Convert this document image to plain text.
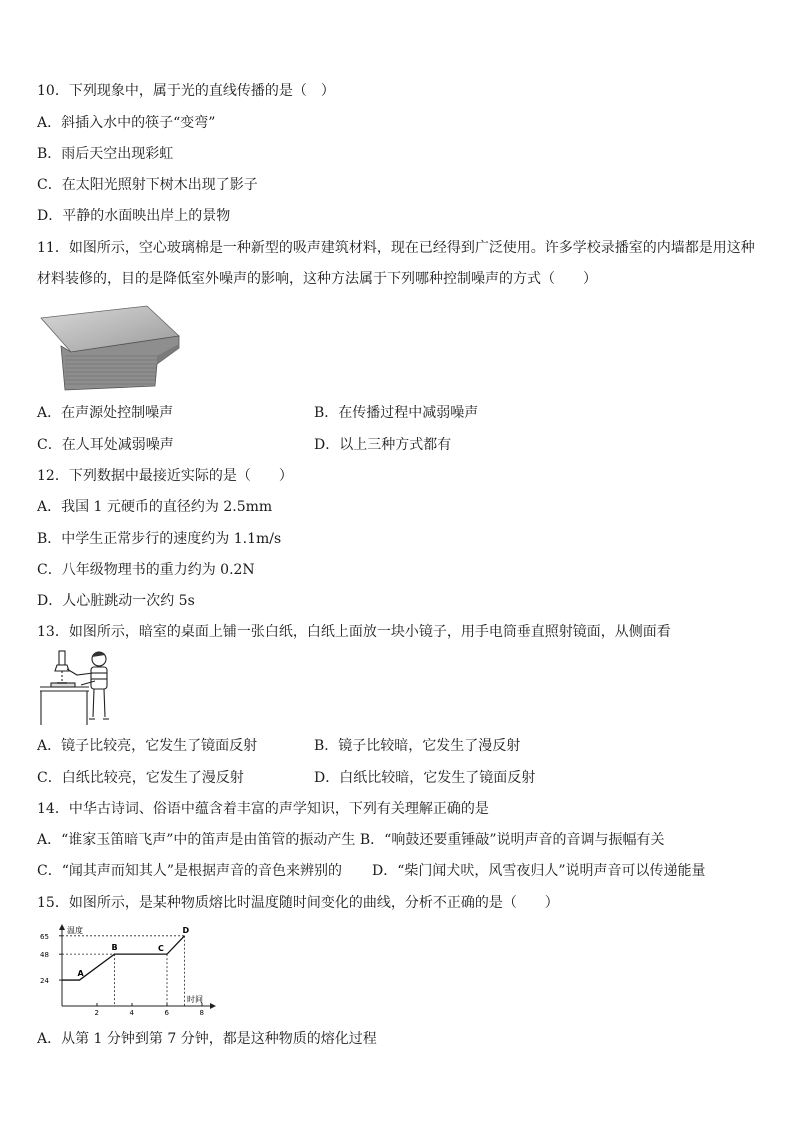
10．下列现象中，属于光的直线传播的是（　）
A．斜插入水中的筷子“变弯”
B．雨后天空出现彩虹
C．在太阳光照射下树木出现了影子
D．平静的水面映出岸上的景物
11．如图所示，空心玻璃棉是一种新型的吸声建筑材料，现在已经得到广泛使用。许多学校录播室的内墙都是用这种
材料装修的，目的是降低室外噪声的影响，这种方法属于下列哪种控制噪声的方式（　　）
A．在声源处控制噪声	B．在传播过程中减弱噪声
C．在人耳处减弱噪声	D．以上三种方式都有
12．下列数据中最接近实际的是（　　）
A．我国 1 元硬币的直径约为 2.5mm
B．中学生正常步行的速度约为 1.1m/s
C．八年级物理书的重力约为 0.2N
D．人心脏跳动一次约 5s
13．如图所示，暗室的桌面上铺一张白纸，白纸上面放一块小镜子，用手电筒垂直照射镜面，从侧面看
A．镜子比较亮，它发生了镜面反射	B．镜子比较暗，它发生了漫反射
C．白纸比较亮，它发生了漫反射	D．白纸比较暗，它发生了镜面反射
14．中华古诗词、俗语中蕴含着丰富的声学知识，下列有关理解正确的是
A．“谁家玉笛暗飞声”中的笛声是由笛管的振动产生 B．“响鼓还要重锤敲”说明声音的音调与振幅有关
C．“闻其声而知其人”是根据声音的音色来辨别的 D．“柴门闻犬吠，风雪夜归人”说明声音可以传递能量
15．如图所示，是某种物质熔比时温度随时间变化的曲线，分析不正确的是（　　）
温度
时间
2	4	6	8
24
48
65
A
B	C
D
A．从第 1 分钟到第 7 分钟，都是这种物质的熔化过程
